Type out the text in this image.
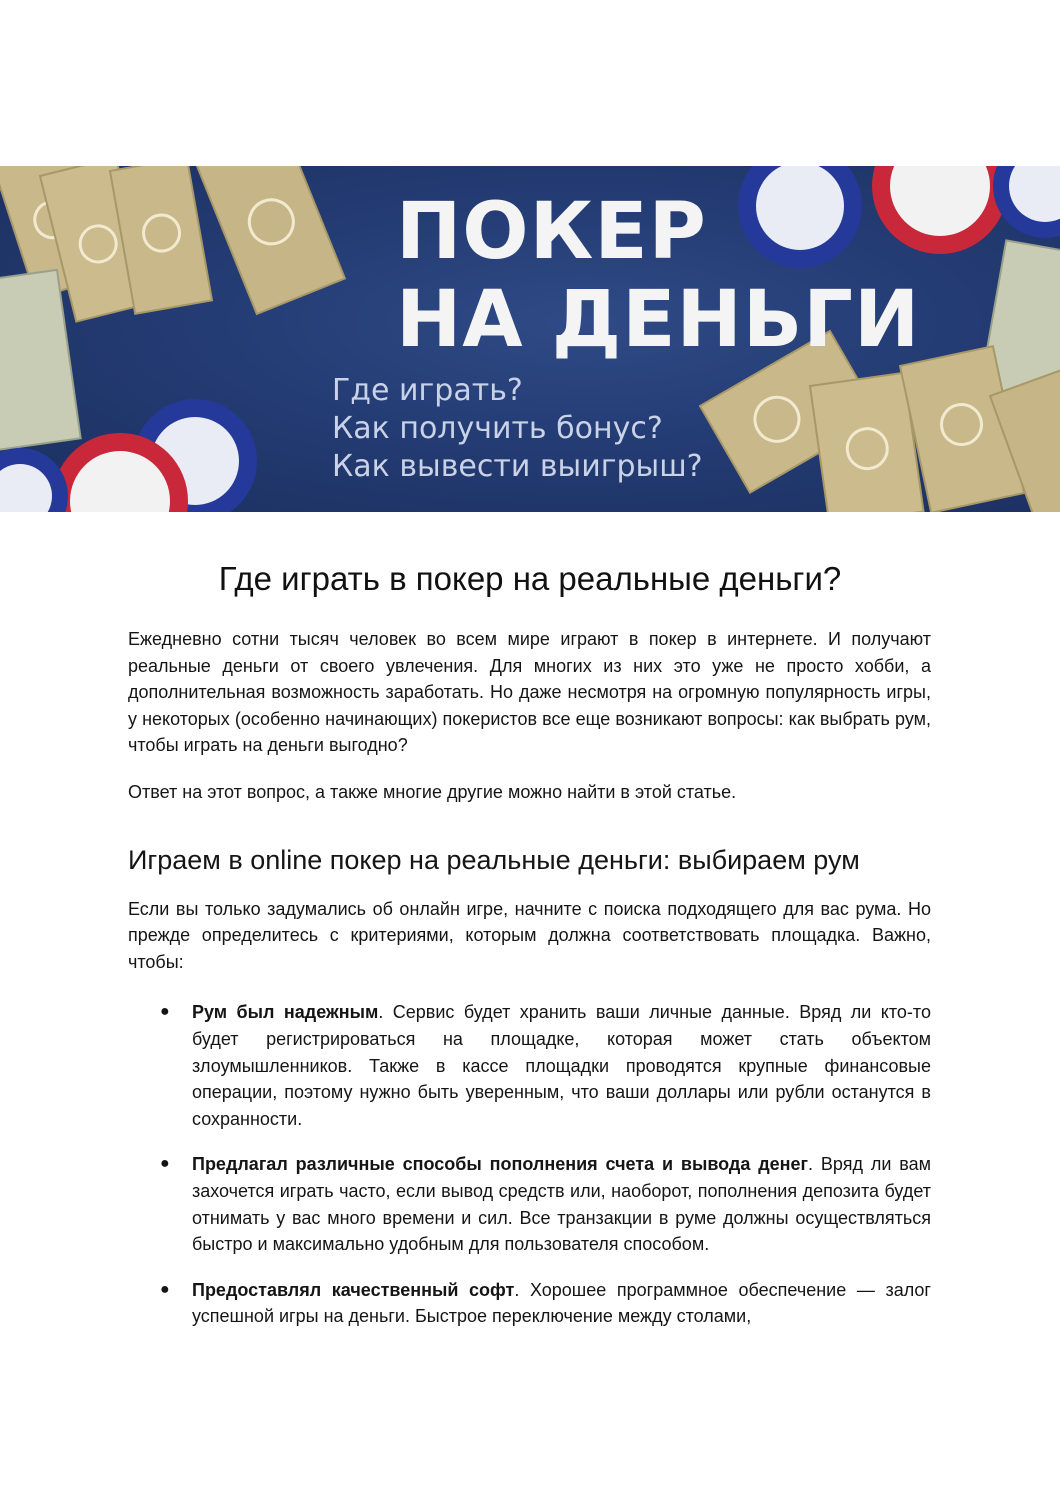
ПОКЕР
НА ДЕНЬГИ
Где играть?
Как получить бонус?
Как вывести выигрыш?
Где играть в покер на реальные деньги?

Ежедневно сотни тысяч человек во всем мире играют в покер в интернете. И получают реальные деньги от своего увлечения. Для многих из них это уже не просто хобби, а дополнительная возможность заработать. Но даже несмотря на огромную популярность игры, у некоторых (особенно начинающих) покеристов все еще возникают вопросы: как выбрать рум, чтобы играть на деньги выгодно?

Ответ на этот вопрос, а также многие другие можно найти в этой статье.

Играем в online покер на реальные деньги: выбираем рум

Если вы только задумались об онлайн игре, начните с поиска подходящего для вас рума. Но прежде определитесь с критериями, которым должна соответствовать площадка. Важно, чтобы:

● Рум был надежным. Сервис будет хранить ваши личные данные. Вряд ли кто-то будет регистрироваться на площадке, которая может стать объектом злоумышленников. Также в кассе площадки проводятся крупные финансовые операции, поэтому нужно быть уверенным, что ваши доллары или рубли останутся в сохранности.
● Предлагал различные способы пополнения счета и вывода денег. Вряд ли вам захочется играть часто, если вывод средств или, наоборот, пополнения депозита будет отнимать у вас много времени и сил. Все транзакции в руме должны осуществляться быстро и максимально удобным для пользователя способом.
● Предоставлял качественный софт. Хорошее программное обеспечение — залог успешной игры на деньги. Быстрое переключение между столами,
